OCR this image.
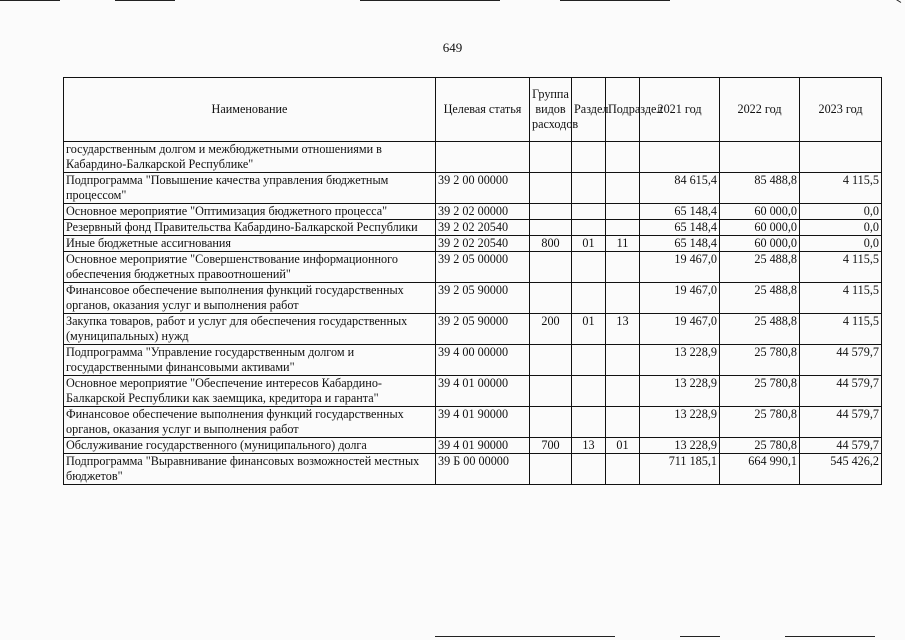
649
Наименование	Целевая статья	Группа видов расходов	Раздел	Подраздел	2021 год	2022 год	2023 год
государственным долгом и межбюджетными отношениями в Кабардино-Балкарской Республике"							
Подпрограмма "Повышение качества управления бюджетным процессом"	39 2 00 00000				84 615,4	85 488,8	4 115,5
Основное мероприятие "Оптимизация бюджетного процесса"	39 2 02 00000				65 148,4	60 000,0	0,0
Резервный фонд Правительства Кабардино-Балкарской Республики	39 2 02 20540				65 148,4	60 000,0	0,0
Иные бюджетные ассигнования	39 2 02 20540	800	01	11	65 148,4	60 000,0	0,0
Основное мероприятие "Совершенствование информационного обеспечения бюджетных правоотношений"	39 2 05 00000				19 467,0	25 488,8	4 115,5
Финансовое обеспечение выполнения функций государственных органов, оказания услуг и выполнения работ	39 2 05 90000				19 467,0	25 488,8	4 115,5
Закупка товаров, работ и услуг для обеспечения государственных (муниципальных) нужд	39 2 05 90000	200	01	13	19 467,0	25 488,8	4 115,5
Подпрограмма "Управление государственным долгом и государственными финансовыми активами"	39 4 00 00000				13 228,9	25 780,8	44 579,7
Основное мероприятие "Обеспечение интересов Кабардино-Балкарской Республики как заемщика, кредитора и гаранта"	39 4 01 00000				13 228,9	25 780,8	44 579,7
Финансовое обеспечение выполнения функций государственных органов, оказания услуг и выполнения работ	39 4 01 90000				13 228,9	25 780,8	44 579,7
Обслуживание государственного (муниципального) долга	39 4 01 90000	700	13	01	13 228,9	25 780,8	44 579,7
Подпрограмма "Выравнивание финансовых возможностей местных бюджетов"	39 Б 00 00000				711 185,1	664 990,1	545 426,2
